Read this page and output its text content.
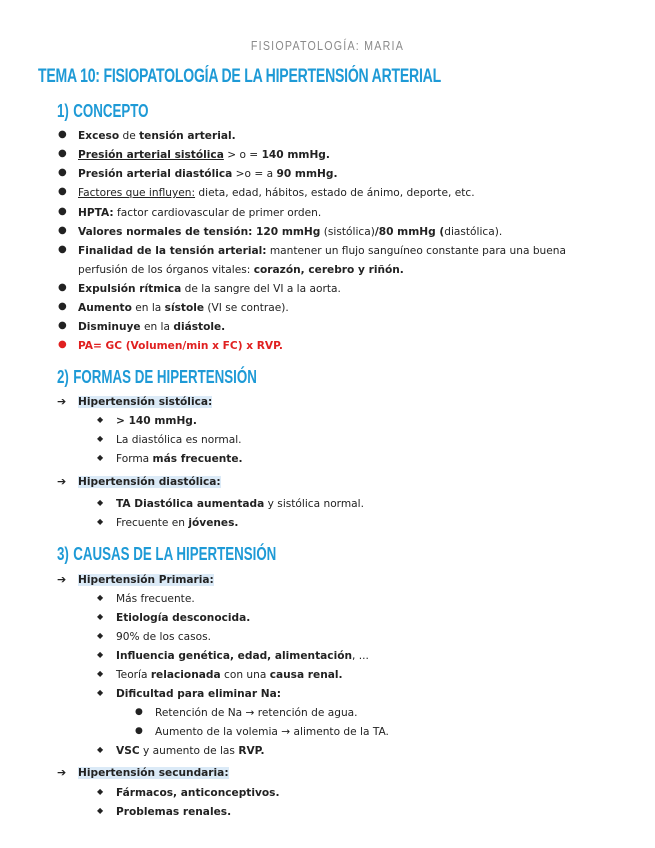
FISIOPATOLOGÍA: MARIA
TEMA 10: FISIOPATOLOGÍA DE LA HIPERTENSIÓN ARTERIAL
1) CONCEPTO
● Exceso de tensión arterial.
● Presión arterial sistólica > o = 140 mmHg.
● Presión arterial diastólica >o = a 90 mmHg.
● Factores que influyen: dieta, edad, hábitos, estado de ánimo, deporte, etc.
● HPTA: factor cardiovascular de primer orden.
● Valores normales de tensión: 120 mmHg (sistólica)/80 mmHg (diastólica).
● Finalidad de la tensión arterial: mantener un flujo sanguíneo constante para una buena
perfusión de los órganos vitales: corazón, cerebro y riñón.
● Expulsión rítmica de la sangre del VI a la aorta.
● Aumento en la sístole (VI se contrae).
● Disminuye en la diástole.
● PA= GC (Volumen/min x FC) x RVP.
2) FORMAS DE HIPERTENSIÓN
➔ Hipertensión sistólica:
◆ > 140 mmHg.
◆ La diastólica es normal.
◆ Forma más frecuente.
➔ Hipertensión diastólica:
◆ TA Diastólica aumentada y sistólica normal.
◆ Frecuente en jóvenes.
3) CAUSAS DE LA HIPERTENSIÓN
➔ Hipertensión Primaria:
◆ Más frecuente.
◆ Etiología desconocida.
◆ 90% de los casos.
◆ Influencia genética, edad, alimentación, ...
◆ Teoría relacionada con una causa renal.
◆ Dificultad para eliminar Na:
● Retención de Na → retención de agua.
● Aumento de la volemia → alimento de la TA.
◆ VSC y aumento de las RVP.
➔ Hipertensión secundaria:
◆ Fármacos, anticonceptivos.
◆ Problemas renales.
